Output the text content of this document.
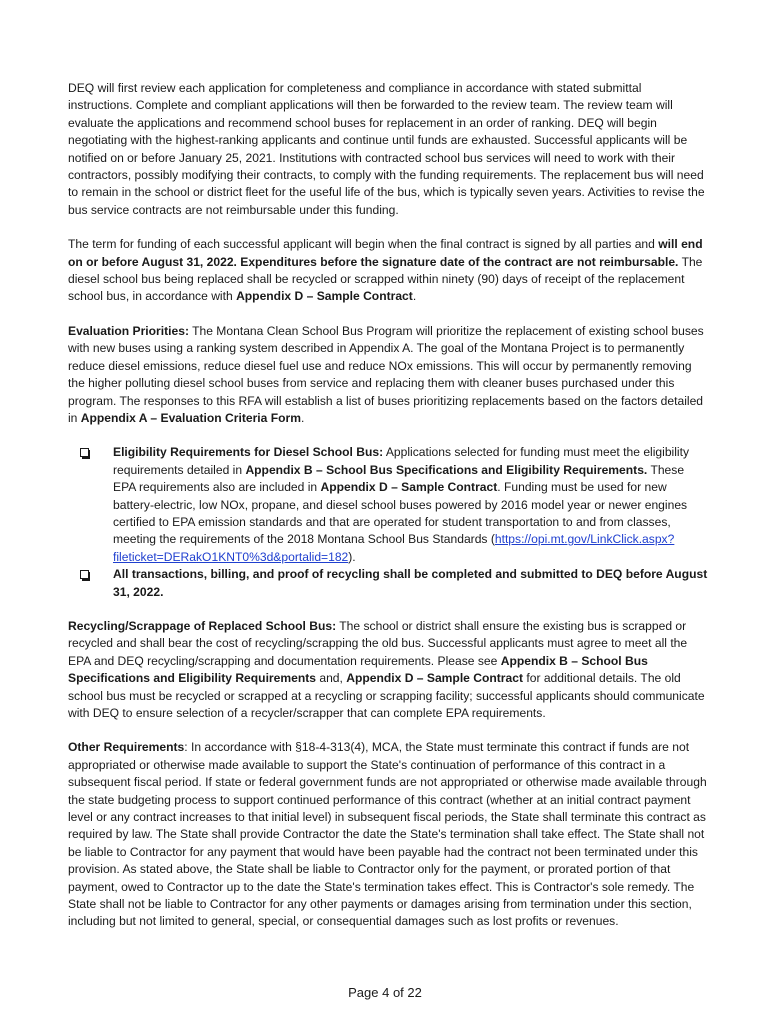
DEQ will first review each application for completeness and compliance in accordance with stated submittal instructions. Complete and compliant applications will then be forwarded to the review team. The review team will evaluate the applications and recommend school buses for replacement in an order of ranking. DEQ will begin negotiating with the highest-ranking applicants and continue until funds are exhausted. Successful applicants will be notified on or before January 25, 2021. Institutions with contracted school bus services will need to work with their contractors, possibly modifying their contracts, to comply with the funding requirements. The replacement bus will need to remain in the school or district fleet for the useful life of the bus, which is typically seven years. Activities to revise the bus service contracts are not reimbursable under this funding.

The term for funding of each successful applicant will begin when the final contract is signed by all parties and will end on or before August 31, 2022. Expenditures before the signature date of the contract are not reimbursable. The diesel school bus being replaced shall be recycled or scrapped within ninety (90) days of receipt of the replacement school bus, in accordance with Appendix D – Sample Contract.

Evaluation Priorities: The Montana Clean School Bus Program will prioritize the replacement of existing school buses with new buses using a ranking system described in Appendix A. The goal of the Montana Project is to permanently reduce diesel emissions, reduce diesel fuel use and reduce NOx emissions. This will occur by permanently removing the higher polluting diesel school buses from service and replacing them with cleaner buses purchased under this program. The responses to this RFA will establish a list of buses prioritizing replacements based on the factors detailed in Appendix A – Evaluation Criteria Form.

Eligibility Requirements for Diesel School Bus: Applications selected for funding must meet the eligibility requirements detailed in Appendix B – School Bus Specifications and Eligibility Requirements. These EPA requirements also are included in Appendix D – Sample Contract. Funding must be used for new battery-electric, low NOx, propane, and diesel school buses powered by 2016 model year or newer engines certified to EPA emission standards and that are operated for student transportation to and from classes, meeting the requirements of the 2018 Montana School Bus Standards (https://opi.mt.gov/LinkClick.aspx?fileticket=DERakO1KNT0%3d&portalid=182).
All transactions, billing, and proof of recycling shall be completed and submitted to DEQ before August 31, 2022.

Recycling/Scrappage of Replaced School Bus: The school or district shall ensure the existing bus is scrapped or recycled and shall bear the cost of recycling/scrapping the old bus. Successful applicants must agree to meet all the EPA and DEQ recycling/scrapping and documentation requirements. Please see Appendix B – School Bus Specifications and Eligibility Requirements and, Appendix D – Sample Contract for additional details. The old school bus must be recycled or scrapped at a recycling or scrapping facility; successful applicants should communicate with DEQ to ensure selection of a recycler/scrapper that can complete EPA requirements.

Other Requirements: In accordance with §18-4-313(4), MCA, the State must terminate this contract if funds are not appropriated or otherwise made available to support the State's continuation of performance of this contract in a subsequent fiscal period. If state or federal government funds are not appropriated or otherwise made available through the state budgeting process to support continued performance of this contract (whether at an initial contract payment level or any contract increases to that initial level) in subsequent fiscal periods, the State shall terminate this contract as required by law. The State shall provide Contractor the date the State's termination shall take effect. The State shall not be liable to Contractor for any payment that would have been payable had the contract not been terminated under this provision. As stated above, the State shall be liable to Contractor only for the payment, or prorated portion of that payment, owed to Contractor up to the date the State's termination takes effect. This is Contractor's sole remedy. The State shall not be liable to Contractor for any other payments or damages arising from termination under this section, including but not limited to general, special, or consequential damages such as lost profits or revenues.

Page 4 of 22
